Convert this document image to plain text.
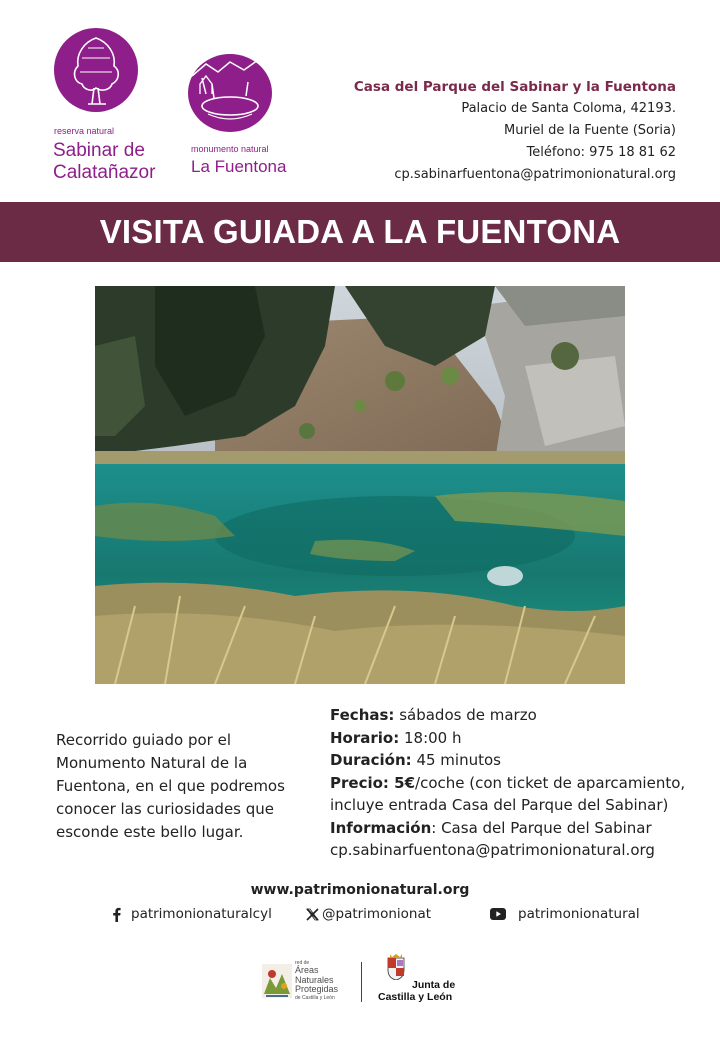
reserva natural
Sabinar de
Calatañazor
monumento natural
La Fuentona
Casa del Parque del Sabinar y la Fuentona
Palacio de Santa Coloma, 42193.
Muriel de la Fuente (Soria)
Teléfono: 975 18 81 62
cp.sabinarfuentona@patrimonionatural.org
VISITA GUIADA A LA FUENTONA
Recorrido guiado por el
Monumento Natural de la
Fuentona, en el que podremos
conocer las curiosidades que
esconde este bello lugar.
Fechas: sábados de marzo
Horario: 18:00 h
Duración: 45 minutos
Precio: 5€/coche (con ticket de aparcamiento,
incluye entrada Casa del Parque del Sabinar)
Información: Casa del Parque del Sabinar
cp.sabinarfuentona@patrimonionatural.org
www.patrimonionatural.org
patrimonionaturalcyl	@patrimonionat	patrimonionatural
red de
Áreas
Naturales
Protegidas
de Castilla y León
Junta de
Castilla y León
